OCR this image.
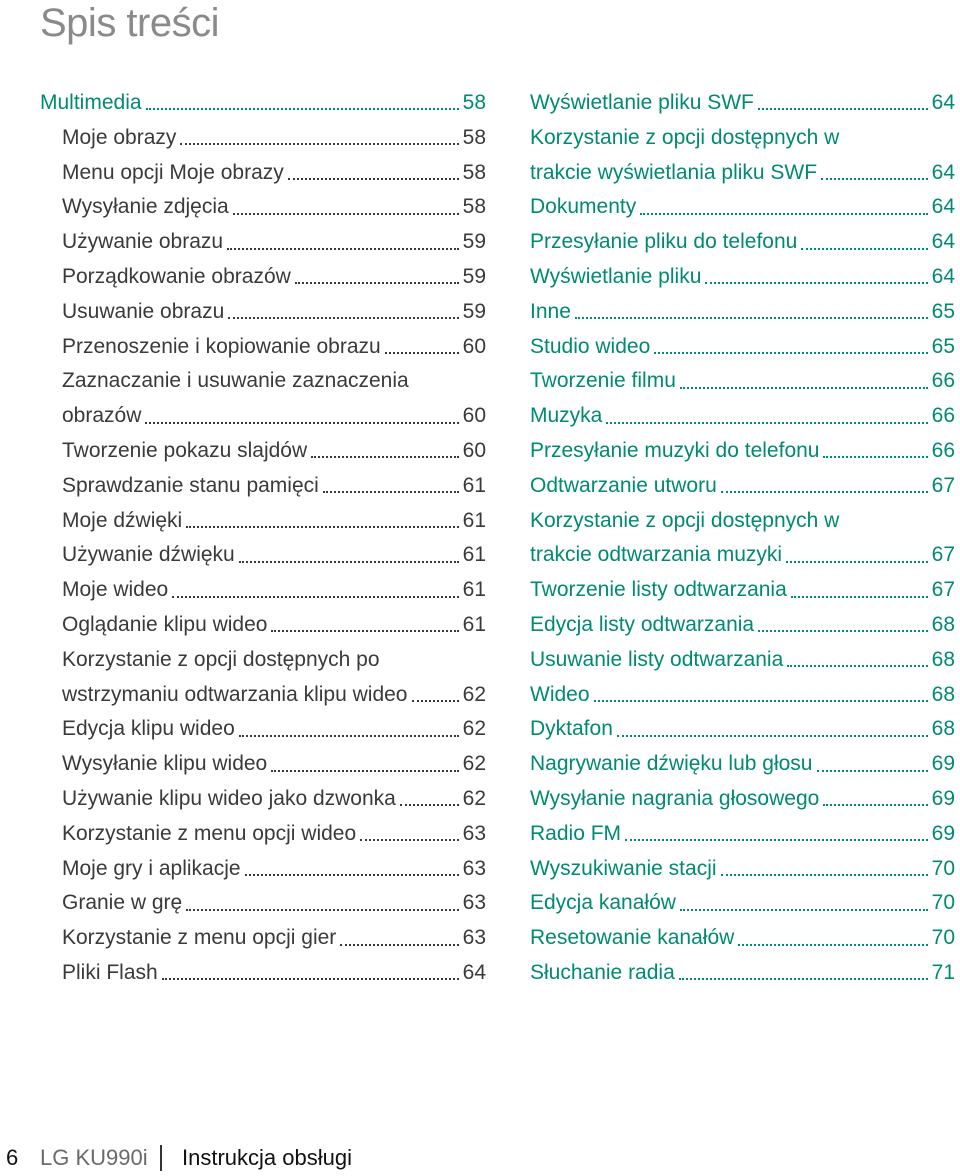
Spis treści
Multimedia	58
Moje obrazy	58
Menu opcji Moje obrazy	58
Wysyłanie zdjęcia	58
Używanie obrazu	59
Porządkowanie obrazów	59
Usuwanie obrazu	59
Przenoszenie i kopiowanie obrazu	60
Zaznaczanie i usuwanie zaznaczenia
obrazów	60
Tworzenie pokazu slajdów	60
Sprawdzanie stanu pamięci	61
Moje dźwięki	61
Używanie dźwięku	61
Moje wideo	61
Oglądanie klipu wideo	61
Korzystanie z opcji dostępnych po
wstrzymaniu odtwarzania klipu wideo	62
Edycja klipu wideo	62
Wysyłanie klipu wideo	62
Używanie klipu wideo jako dzwonka	62
Korzystanie z menu opcji wideo	63
Moje gry i aplikacje	63
Granie w grę	63
Korzystanie z menu opcji gier	63
Pliki Flash	64
Wyświetlanie pliku SWF	64
Korzystanie z opcji dostępnych w
trakcie wyświetlania pliku SWF	64
Dokumenty	64
Przesyłanie pliku do telefonu	64
Wyświetlanie pliku	64
Inne	65
Studio wideo	65
Tworzenie filmu	66
Muzyka	66
Przesyłanie muzyki do telefonu	66
Odtwarzanie utworu	67
Korzystanie z opcji dostępnych w
trakcie odtwarzania muzyki	67
Tworzenie listy odtwarzania	67
Edycja listy odtwarzania	68
Usuwanie listy odtwarzania	68
Wideo	68
Dyktafon	68
Nagrywanie dźwięku lub głosu	69
Wysyłanie nagrania głosowego	69
Radio FM	69
Wyszukiwanie stacji	70
Edycja kanałów	70
Resetowanie kanałów	70
Słuchanie radia	71
6 LG KU990i Instrukcja obsługi
